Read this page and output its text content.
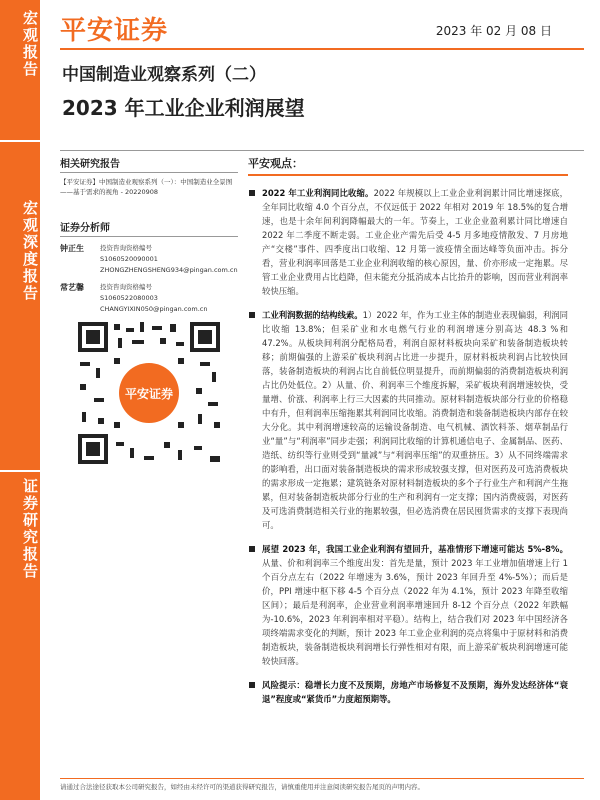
宏观报告
宏观深度报告
证券研究报告
平安证券	2023 年 02 月 08 日
中国制造业观察系列（二）
2023 年工业企业利润展望
相关研究报告
【平安证券】中国制造业观察系列（一）：中国制造业全景图——基于需求的视角 - 20220908
证券分析师
钟正生	投资咨询资格编号
S1060520090001
ZHONGZHENGSHENG934@pingan.com.cn
常艺馨	投资咨询资格编号
S1060522080003
CHANGYIXIN050@pingan.com.cn
平安证券
平安观点：
2022 年工业利润同比收缩。2022 年规模以上工业企业利润累计同比增速探底，全年同比收缩 4.0 个百分点，不仅远低于 2022 年相对 2019 年 18.5%的复合增速，也是十余年间利润降幅最大的一年。节奏上，工业企业盈利累计同比增速自 2022 年二季度不断走弱。工业企业产需先后受 4-5 月多地疫情散发、7 月房地产“交楼”事件、四季度出口收缩、12 月第一波疫情全面达峰等负面冲击。拆分看，营业利润率回落是工业企业利润收缩的核心原因，量、价亦形成一定拖累。尽管工业企业费用占比趋降，但未能充分抵消成本占比抬升的影响，因而营业利润率较快压缩。
工业利润数据的结构线索。1）2022 年，作为工业主体的制造业表现偏弱，利润同比收缩 13.8%；但采矿业和水电燃气行业的利润增速分别高达 48.3 %和 47.2%。从板块间利润分配格局看，利润自原材料板块向采矿和装备制造板块转移；前期偏强的上游采矿板块利润占比进一步提升，原材料板块利润占比较快回落，装备制造板块的利润占比自前低位明显提升，而前期偏弱的消费制造板块利润占比仍处低位。2）从量、价、利润率三个维度拆解，采矿板块利润增速较快，受量增、价涨、利润率上行三大因素的共同推动。原材料制造板块部分行业的价格稳中有升，但利润率压缩拖累其利润同比收缩。消费制造和装备制造板块内部存在较大分化。其中利润增速较高的运输设备制造、电气机械、酒饮料茶、烟草制品行业“量”与“利润率”同步走强；利润同比收缩的计算机通信电子、金属制品、医药、造纸、纺织等行业则受到“量减”与“利润率压缩”的双重挤压。3）从不同终端需求的影响看，出口面对装备制造板块的需求形成较强支撑，但对医药及可选消费板块的需求形成一定拖累；建筑链条对原材料制造板块的多个子行业生产和利润产生拖累，但对装备制造板块部分行业的生产和利润有一定支撑；国内消费疲弱，对医药及可选消费制造相关行业的拖累较强，但必选消费在居民囤货需求的支撑下表现尚可。
展望 2023 年，我国工业企业利润有望回升，基准情形下增速可能达 5%-8%。从量、价和利润率三个维度出发：首先是量，预计 2023 年工业增加值增速上行 1 个百分点左右（2022 年增速为 3.6%，预计 2023 年回升至 4%-5%）；而后是价，PPI 增速中枢下移 4-5 个百分点（2022 年为 4.1%，预计 2023 年降至收缩区间）；最后是利润率，企业营业利润率增速回升 8-12 个百分点（2022 年跌幅为-10.6%，2023 年利润率相对平稳）。结构上，结合我们对 2023 年中国经济各项终端需求变化的判断，预计 2023 年工业企业利润的亮点将集中于原材料和消费制造板块，装备制造板块利润增长行弹性相对有限，而上游采矿板块利润增速可能较快回落。
风险提示：稳增长力度不及预期，房地产市场修复不及预期，海外发达经济体“衰退”程度或“紧货币”力度超预期等。
请通过合法途径获取本公司研究报告，如经由未经许可的渠道获得研究报告，请慎重使用并注意阅读研究报告尾页的声明内容。
